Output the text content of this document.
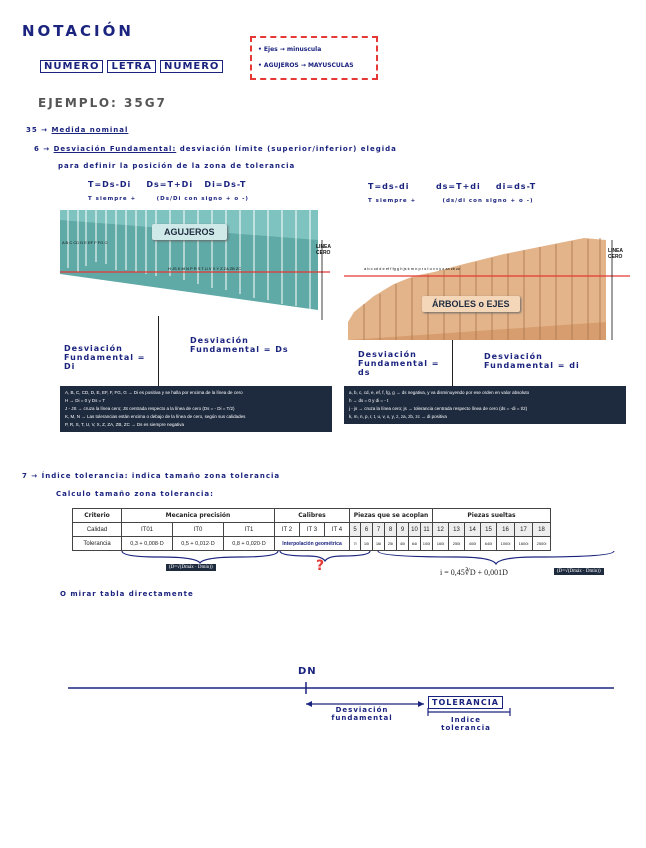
NOTACIÓN
NUMERO	LETRA	NUMERO
• Ejes → minuscula
• AGUJEROS → MAYUSCULAS
EJEMPLO: 35G7
35 → Medida nominal
6 → Desviación Fundamental: desviación límite (superior/inferior) elegida
para definir la posición de la zona de tolerancia
T=Ds-Di Ds=T+Di Di=Ds-T
T siempre +	(Ds/Di con signo + o -)
AGUJEROS
LINEA CERO
A B C CD D E EF F FG G
H JS K M N P R S T U V X Y Z ZA ZB ZC
Desviación Fundamental = Di
Desviación Fundamental = Ds
A, B, C, CD, D, E, EF, F, FG, G → Di es positiva y se halla por encima de la línea de cero
H → Di = 0 y Ds = T
J - JS → cruza la línea cero; JS centrada respecto a la línea de cero (Ds = - Di = T/2)
K, M, N → Las tolerancias están encima o debajo de la línea de cero, según sus calidades
P, R, S, T, U, V, X, Z, ZA, ZB, ZC → Ds es siempre negativa
T=ds-di	ds=T+di di=ds-T
T siempre +	(ds/di con signo + o -)
ÁRBOLES o EJES
LINEA CERO
a b c cd d e ef f fg g h js k m n p r s t u v x y z za zb zc
Desviación Fundamental = ds
Desviación Fundamental = di
a, b, c, cd, e, ef, f, fg, g → ds negativa, y va disminuyendo por ese orden en valor absoluto
h → ds = 0 y di = - t
j - js → cruza la línea cero; js → tolerancia centrada respecto línea de cero (ds = -di = t/2)
k, m, n, p, r, t, u, v, x, y, z, za, zb, zc → di positiva
7 → Índice tolerancia: indica tamaño zona tolerancia
Calculo tamaño zona tolerancia:
Criterio	Mecanica precisión			Calibres			Piezas que se acoplan							Piezas sueltas						
Calidad	IT01	IT0	IT1	IT 2	IT 3	IT 4	5	6	7	8	9	10	11	12	13	14	15	16	17	18
Tolerancia	0,3 + 0,008·D	0,5 + 0,012·D	0,8 + 0,020·D	Interpolación geométrica			7i	10i	16i	25i	40i	64i	100i	160i	250i	400i	640i	1000i	1600i	2500i
(D=√(Dmáx · Dmín))	?	i = 0,45∛D + 0,001D	(D=√(Dmáx · Dmín))
O mirar tabla directamente
DN
TOLERANCIA
Desviación fundamental	Indice tolerancia
